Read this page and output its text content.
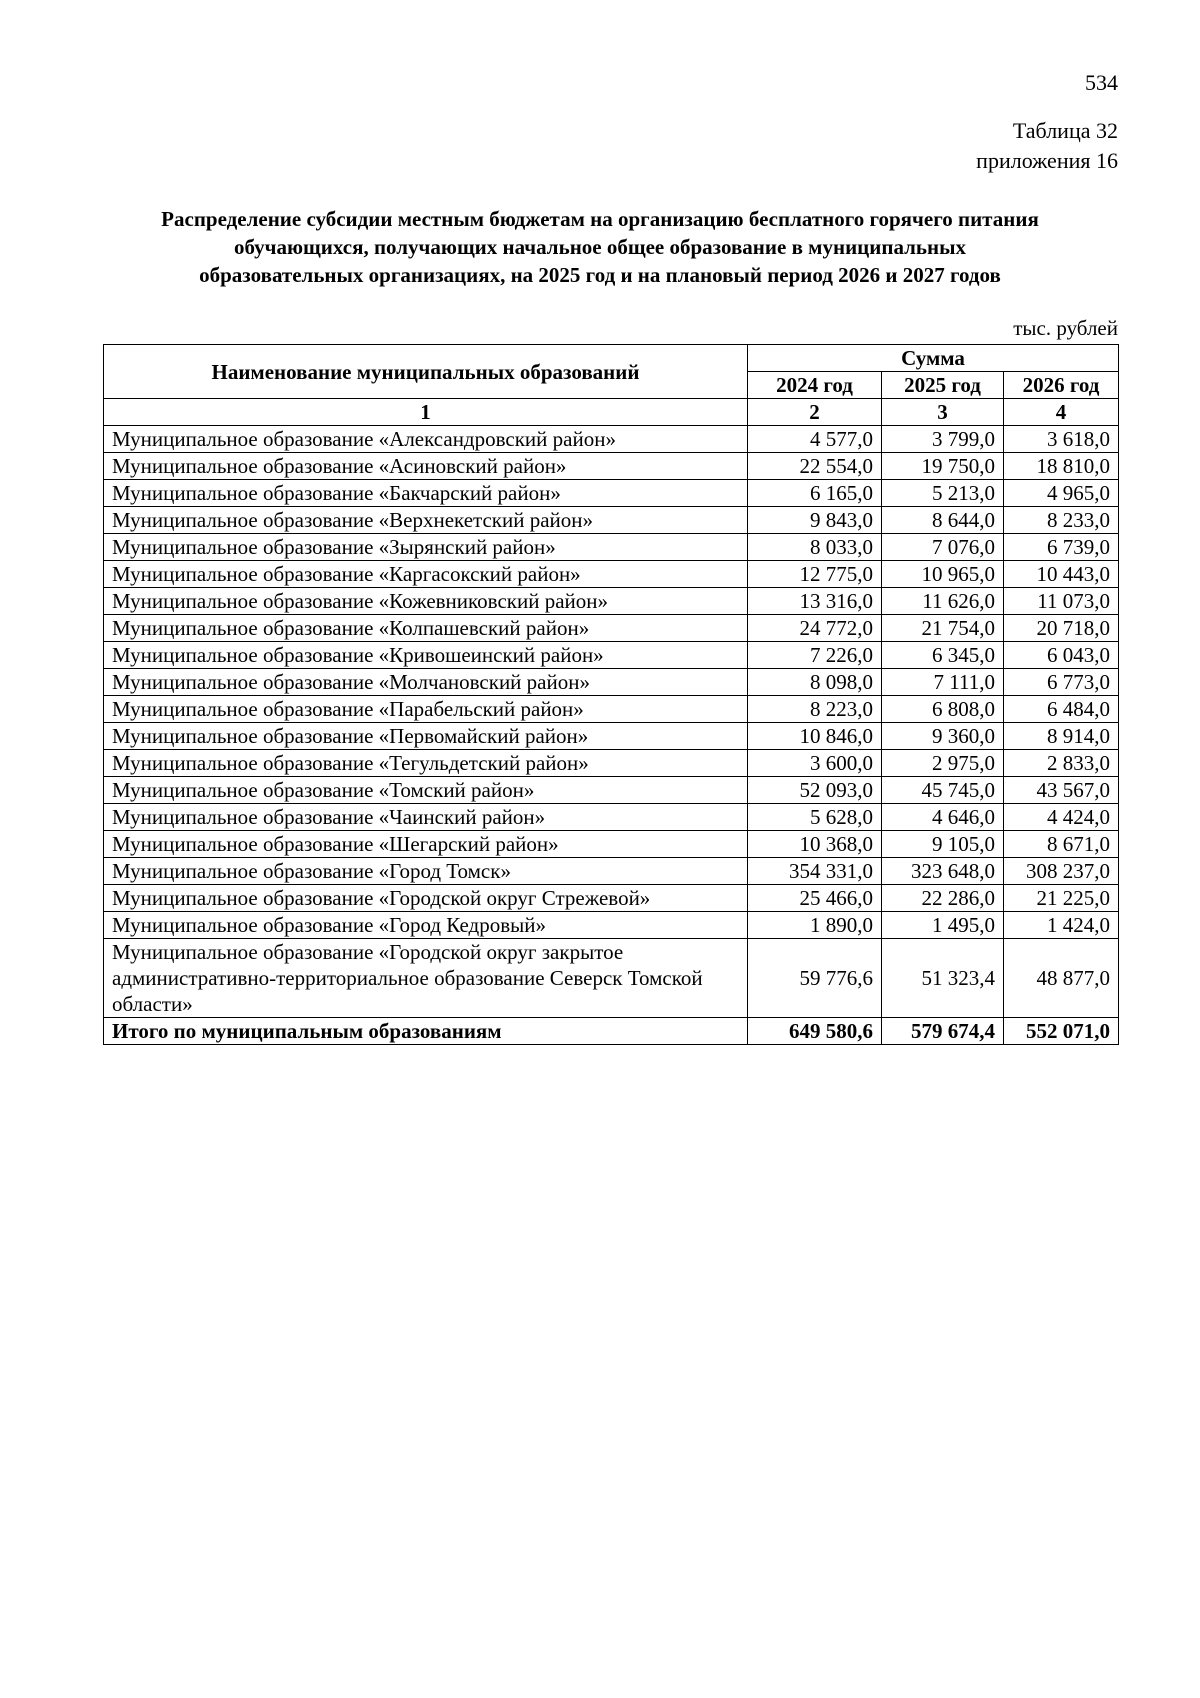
534
Таблица 32
приложения 16
Распределение субсидии местным бюджетам на организацию бесплатного горячего питания
обучающихся, получающих начальное общее образование в муниципальных
образовательных организациях, на 2025 год и на плановый период 2026 и 2027 годов
тыс. рублей
Наименование муниципальных образований	Сумма		
	2024 год	2025 год	2026 год
1	2	3	4
Муниципальное образование «Александровский район»	4 577,0	3 799,0	3 618,0
Муниципальное образование «Асиновский район»	22 554,0	19 750,0	18 810,0
Муниципальное образование «Бакчарский район»	6 165,0	5 213,0	4 965,0
Муниципальное образование «Верхнекетский район»	9 843,0	8 644,0	8 233,0
Муниципальное образование «Зырянский район»	8 033,0	7 076,0	6 739,0
Муниципальное образование «Каргасокский район»	12 775,0	10 965,0	10 443,0
Муниципальное образование «Кожевниковский район»	13 316,0	11 626,0	11 073,0
Муниципальное образование «Колпашевский район»	24 772,0	21 754,0	20 718,0
Муниципальное образование «Кривошеинский район»	7 226,0	6 345,0	6 043,0
Муниципальное образование «Молчановский район»	8 098,0	7 111,0	6 773,0
Муниципальное образование «Парабельский район»	8 223,0	6 808,0	6 484,0
Муниципальное образование «Первомайский район»	10 846,0	9 360,0	8 914,0
Муниципальное образование «Тегульдетский район»	3 600,0	2 975,0	2 833,0
Муниципальное образование «Томский район»	52 093,0	45 745,0	43 567,0
Муниципальное образование «Чаинский район»	5 628,0	4 646,0	4 424,0
Муниципальное образование «Шегарский район»	10 368,0	9 105,0	8 671,0
Муниципальное образование «Город Томск»	354 331,0	323 648,0	308 237,0
Муниципальное образование «Городской округ Стрежевой»	25 466,0	22 286,0	21 225,0
Муниципальное образование «Город Кедровый»	1 890,0	1 495,0	1 424,0
Муниципальное образование «Городской округ закрытое административно-территориальное образование Северск Томской области»	59 776,6	51 323,4	48 877,0
Итого по муниципальным образованиям	649 580,6	579 674,4	552 071,0
